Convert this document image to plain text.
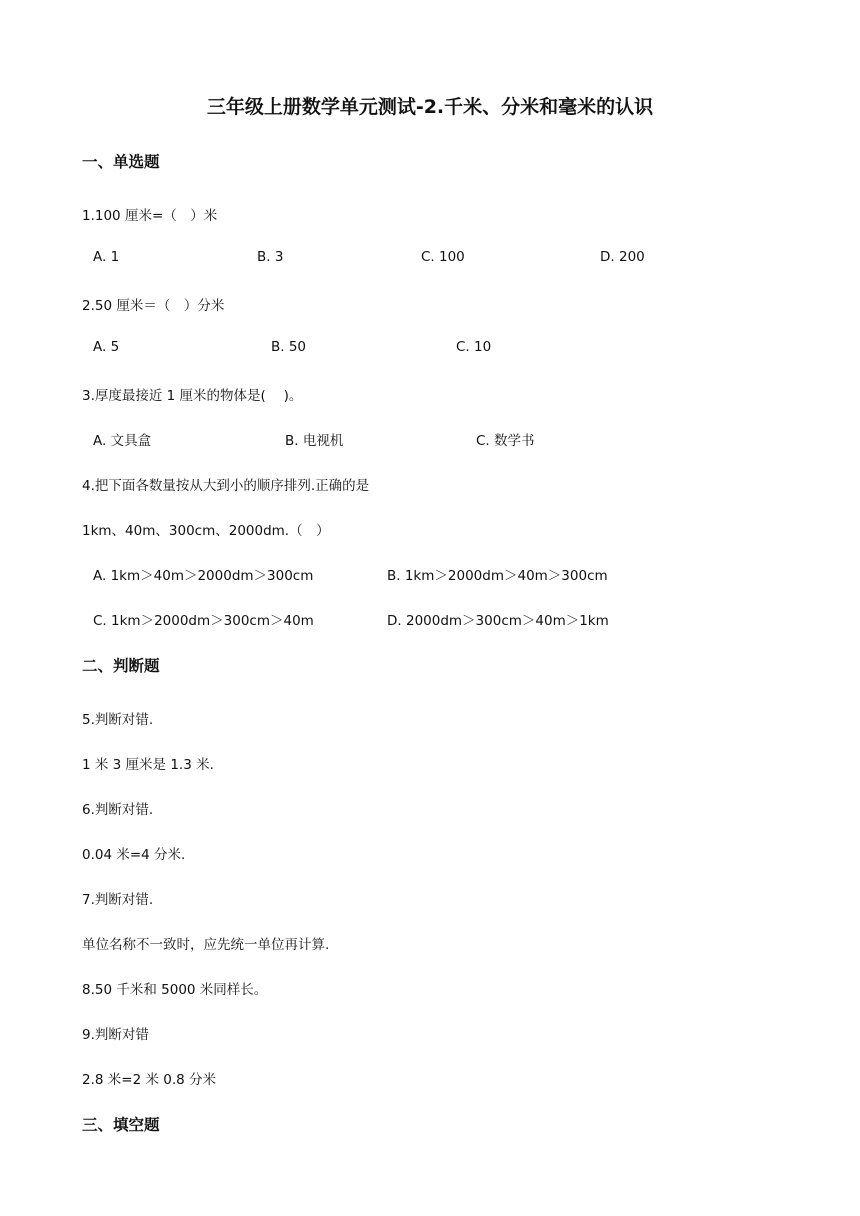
三年级上册数学单元测试-2.千米、分米和毫米的认识
一、单选题
1.100 厘米=（　）米
A. 1	B. 3	C. 100	D. 200
2.50 厘米＝（　）分米
A. 5	B. 50	C. 10
3.厚度最接近 1 厘米的物体是(　 )。
A. 文具盒	B. 电视机	C. 数学书
4.把下面各数量按从大到小的顺序排列.正确的是
1km、40m、300cm、2000dm.（　）
A. 1km＞40m＞2000dm＞300cm	B. 1km＞2000dm＞40m＞300cm
C. 1km＞2000dm＞300cm＞40m	D. 2000dm＞300cm＞40m＞1km
二、判断题
5.判断对错.
1 米 3 厘米是 1.3 米.
6.判断对错.
0.04 米=4 分米.
7.判断对错.
单位名称不一致时，应先统一单位再计算.
8.50 千米和 5000 米同样长。
9.判断对错
2.8 米=2 米 0.8 分米
三、填空题
